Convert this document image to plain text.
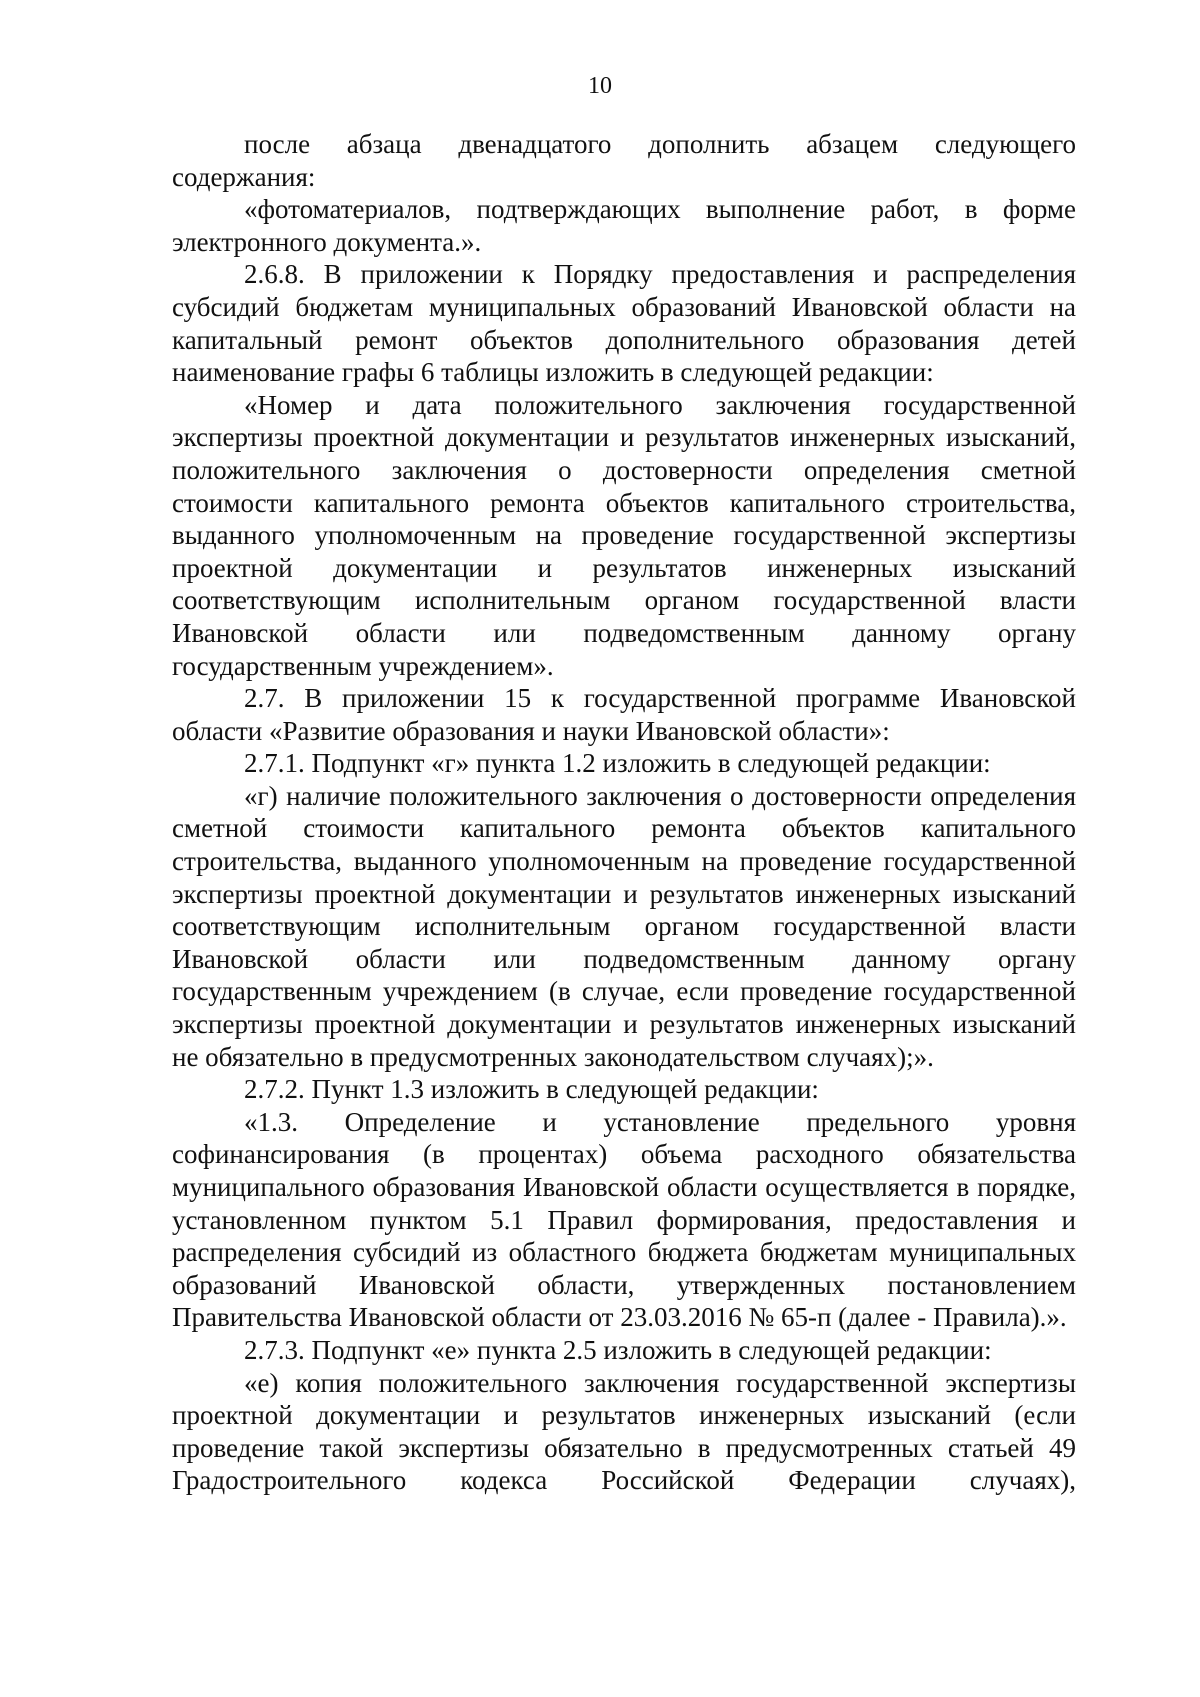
10

после абзаца двенадцатого дополнить абзацем следующего содержания:

«фотоматериалов, подтверждающих выполнение работ, в форме электронного документа.».

2.6.8. В приложении к Порядку предоставления и распределения субсидий бюджетам муниципальных образований Ивановской области на капитальный ремонт объектов дополнительного образования детей наименование графы 6 таблицы изложить в следующей редакции:

«Номер и дата положительного заключения государственной экспертизы проектной документации и результатов инженерных изысканий, положительного заключения о достоверности определения сметной стоимости капитального ремонта объектов капитального строительства, выданного уполномоченным на проведение государственной экспертизы проектной документации и результатов инженерных изысканий соответствующим исполнительным органом государственной власти Ивановской области или подведомственным данному органу государственным учреждением».

2.7. В приложении 15 к государственной программе Ивановской области «Развитие образования и науки Ивановской области»:

2.7.1. Подпункт «г» пункта 1.2 изложить в следующей редакции:

«г) наличие положительного заключения о достоверности определения сметной стоимости капитального ремонта объектов капитального строительства, выданного уполномоченным на проведение государственной экспертизы проектной документации и результатов инженерных изысканий соответствующим исполнительным органом государственной власти Ивановской области или подведомственным данному органу государственным учреждением (в случае, если проведение государственной экспертизы проектной документации и результатов инженерных изысканий не обязательно в предусмотренных законодательством случаях);».

2.7.2. Пункт 1.3 изложить в следующей редакции:

«1.3. Определение и установление предельного уровня софинансирования (в процентах) объема расходного обязательства муниципального образования Ивановской области осуществляется в порядке, установленном пунктом 5.1 Правил формирования, предоставления и распределения субсидий из областного бюджета бюджетам муниципальных образований Ивановской области, утвержденных постановлением Правительства Ивановской области от 23.03.2016 № 65-п (далее - Правила).».

2.7.3. Подпункт «е» пункта 2.5 изложить в следующей редакции:

«е) копия положительного заключения государственной экспертизы проектной документации и результатов инженерных изысканий (если проведение такой экспертизы обязательно в предусмотренных статьей 49 Градостроительного кодекса Российской Федерации случаях),
